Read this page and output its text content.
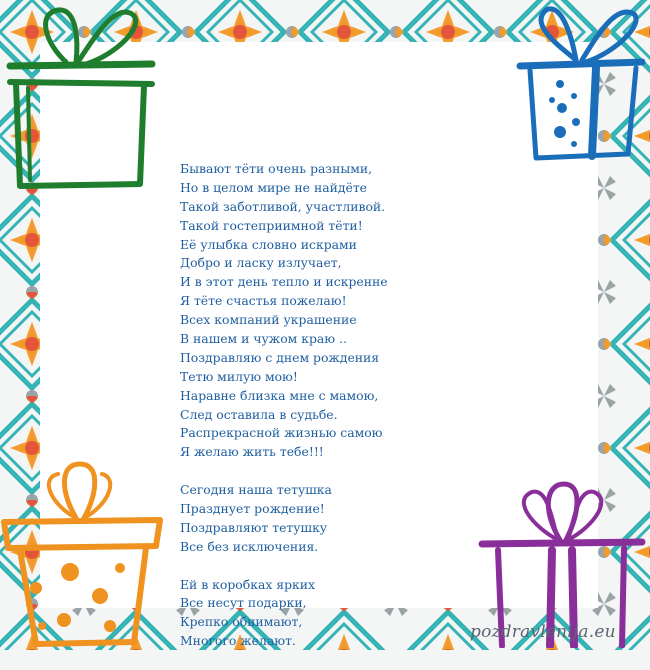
Бывают тёти очень разными,
Но в целом мире не найдёте
Такой заботливой, участливой.
Такой гостеприимной тёти!
Её улыбка словно искрами
Добро и ласку излучает,
И в этот день тепло и искренне
Я тёте счастья пожелаю!
Всех компаний украшение
В нашем и чужом краю ..
Поздравляю с днем рождения
Тетю милую мою!
Наравне близка мне с мамою,
След оставила в судьбе.
Распрекрасной жизнью самою
Я желаю жить тебе!!!
Сегодня наша тетушка
Празднует рождение!
Поздравляют тетушку
Все без исключения.
Ей в коробках ярких
Все несут подарки,
Крепко обнимают,
Многого желают.	pozdravlenija.eu
